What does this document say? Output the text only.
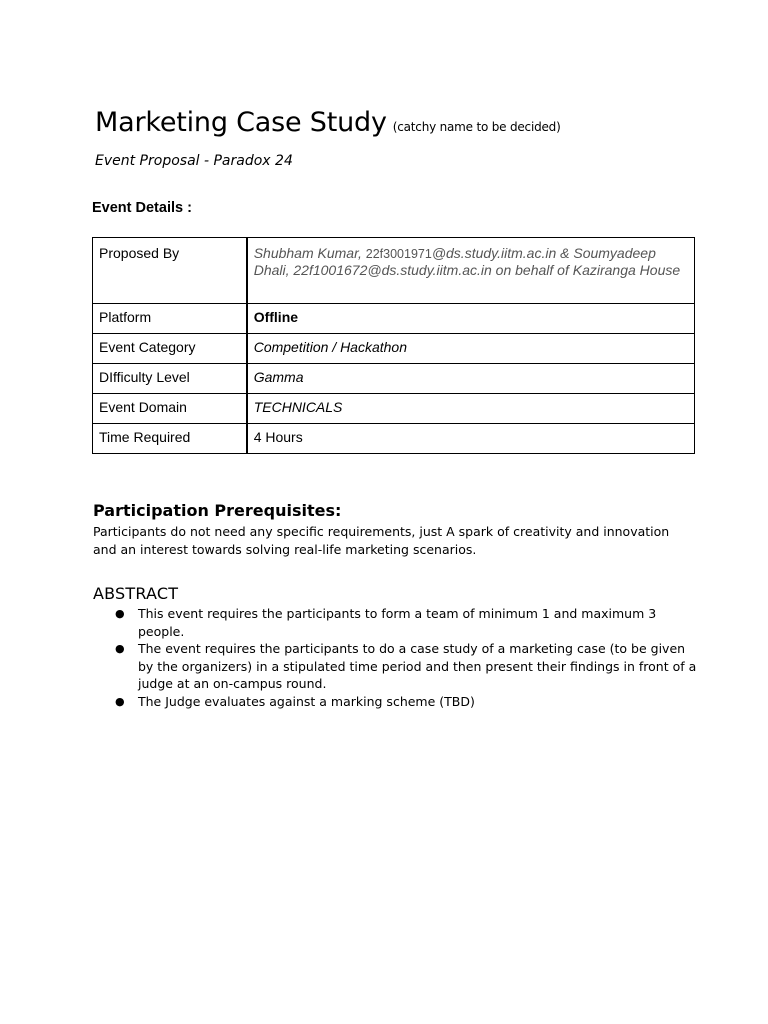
Marketing Case Study (catchy name to be decided)
Event Proposal - Paradox 24
Event Details :
Proposed By	Shubham Kumar, 22f3001971@ds.study.iitm.ac.in & Soumyadeep Dhali, 22f1001672@ds.study.iitm.ac.in on behalf of Kaziranga House
Platform	Offline
Event Category	Competition / Hackathon
DIfficulty Level	Gamma
Event Domain	TECHNICALS
Time Required	4 Hours
Participation Prerequisites:

Participants do not need any specific requirements, just A spark of creativity and innovation and an interest towards solving real-life marketing scenarios.

ABSTRACT
● This event requires the participants to form a team of minimum 1 and maximum 3 people.
● The event requires the participants to do a case study of a marketing case (to be given by the organizers) in a stipulated time period and then present their findings in front of a judge at an on-campus round.
● The Judge evaluates against a marking scheme (TBD)
